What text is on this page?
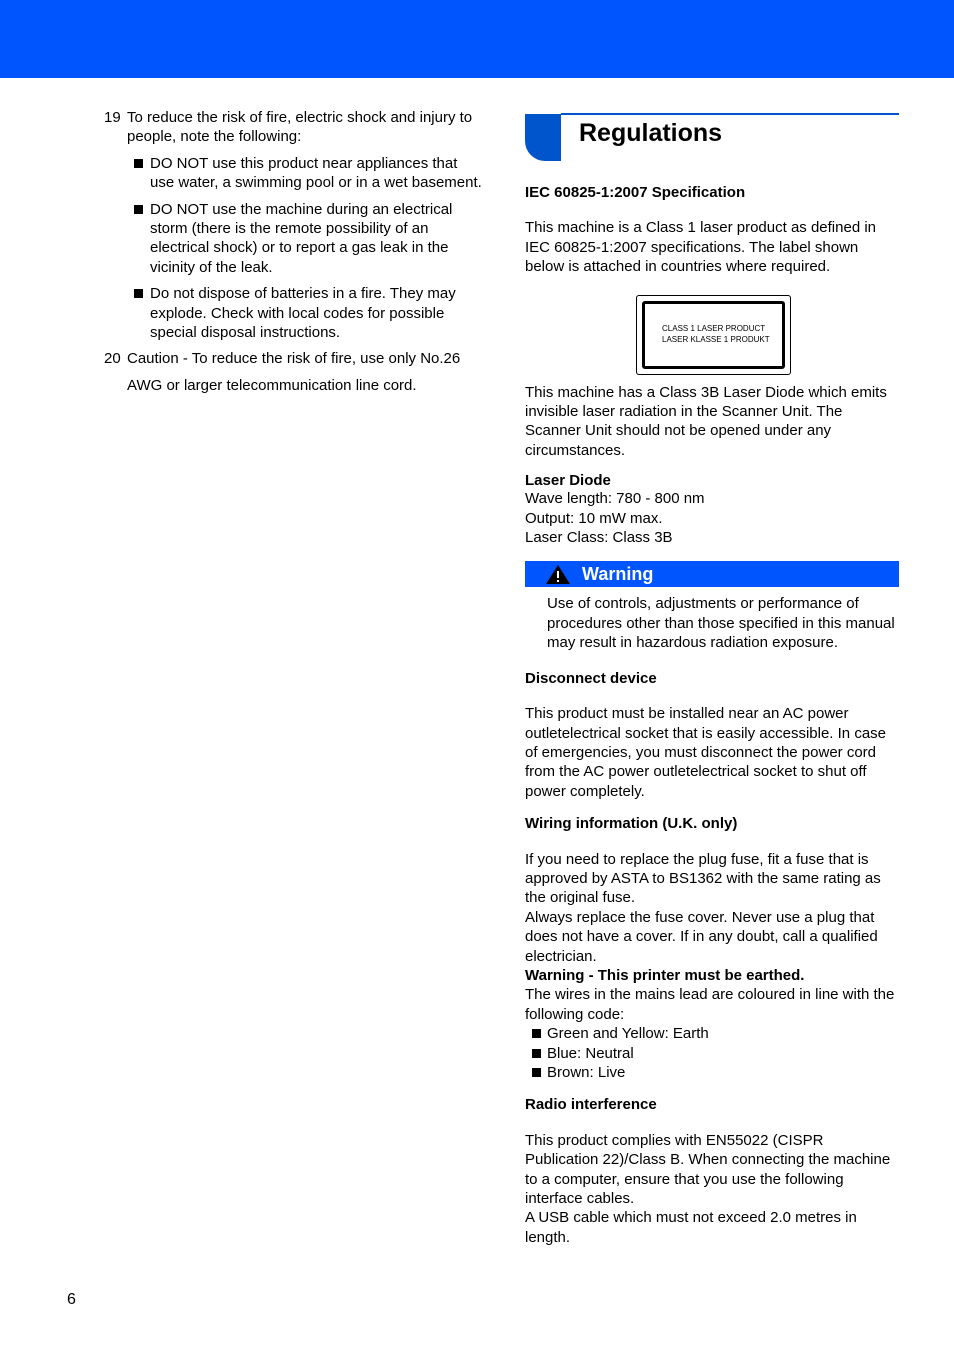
19 To reduce the risk of fire, electric shock and injury to people, note the following:

DO NOT use this product near appliances that use water, a swimming pool or in a wet basement.
DO NOT use the machine during an electrical storm (there is the remote possibility of an electrical shock) or to report a gas leak in the vicinity of the leak.
Do not dispose of batteries in a fire. They may explode. Check with local codes for possible special disposal instructions.
20 Caution - To reduce the risk of fire, use only No.26
AWG or larger telecommunication line cord.
Regulations

IEC 60825-1:2007 Specification

This machine is a Class 1 laser product as defined in IEC 60825-1:2007 specifications. The label shown below is attached in countries where required.

CLASS 1 LASER PRODUCT
LASER KLASSE 1 PRODUKT

This machine has a Class 3B Laser Diode which emits invisible laser radiation in the Scanner Unit. The Scanner Unit should not be opened under any circumstances.

Laser Diode

Wave length: 780 - 800 nm

Output: 10 mW max.

Laser Class: Class 3B

Warning

Use of controls, adjustments or performance of procedures other than those specified in this manual may result in hazardous radiation exposure.

Disconnect device

This product must be installed near an AC power outletelectrical socket that is easily accessible. In case of emergencies, you must disconnect the power cord from the AC power outletelectrical socket to shut off power completely.

Wiring information (U.K. only)

If you need to replace the plug fuse, fit a fuse that is approved by ASTA to BS1362 with the same rating as the original fuse.

Always replace the fuse cover. Never use a plug that does not have a cover. If in any doubt, call a qualified electrician.

Warning - This printer must be earthed.

The wires in the mains lead are coloured in line with the following code:

Green and Yellow: Earth
Blue: Neutral
Brown: Live

Radio interference

This product complies with EN55022 (CISPR Publication 22)/Class B. When connecting the machine to a computer, ensure that you use the following interface cables.

A USB cable which must not exceed 2.0 metres in length.

6
